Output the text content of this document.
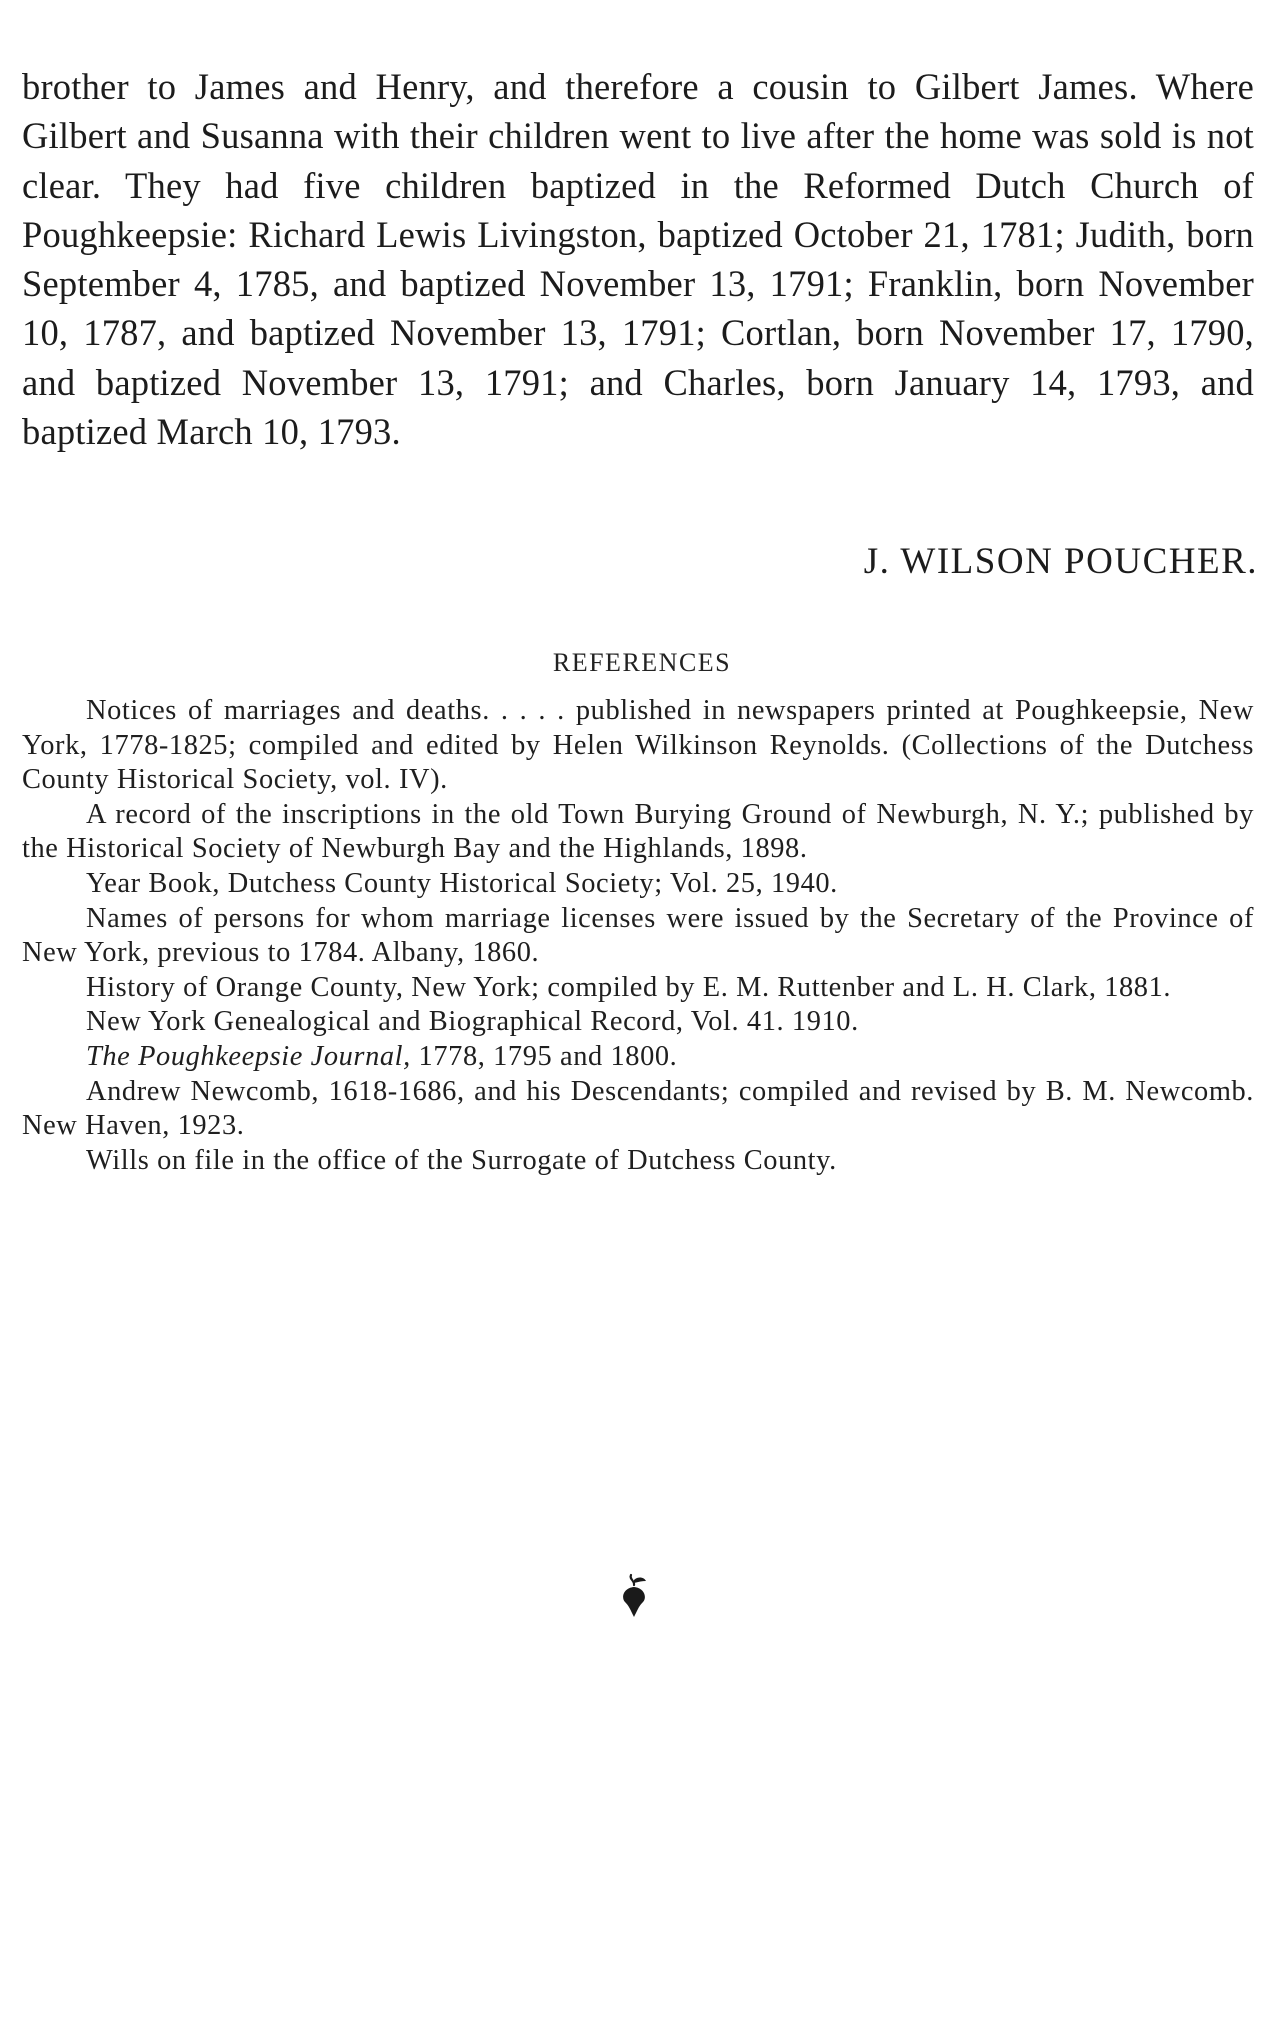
brother to James and Henry, and therefore a cousin to Gilbert James. Where Gilbert and Susanna with their children went to live after the home was sold is not clear. They had five children baptized in the Reformed Dutch Church of Poughkeepsie: Richard Lewis Livingston, baptized October 21, 1781; Judith, born September 4, 1785, and baptized November 13, 1791; Franklin, born November 10, 1787, and baptized November 13, 1791; Cortlan, born November 17, 1790, and baptized November 13, 1791; and Charles, born January 14, 1793, and baptized March 10, 1793.

J. WILSON POUCHER.
REFERENCES

Notices of marriages and deaths. . . . . published in newspapers printed at Poughkeepsie, New York, 1778-1825; compiled and edited by Helen Wilkinson Reynolds. (Collections of the Dutchess County Historical Society, vol. IV).

A record of the inscriptions in the old Town Burying Ground of Newburgh, N. Y.; published by the Historical Society of Newburgh Bay and the Highlands, 1898.

Year Book, Dutchess County Historical Society; Vol. 25, 1940.

Names of persons for whom marriage licenses were issued by the Secretary of the Province of New York, previous to 1784. Albany, 1860.

History of Orange County, New York; compiled by E. M. Ruttenber and L. H. Clark, 1881.

New York Genealogical and Biographical Record, Vol. 41. 1910.

The Poughkeepsie Journal, 1778, 1795 and 1800.

Andrew Newcomb, 1618-1686, and his Descendants; compiled and revised by B. M. Newcomb. New Haven, 1923.

Wills on file in the office of the Surrogate of Dutchess County.
